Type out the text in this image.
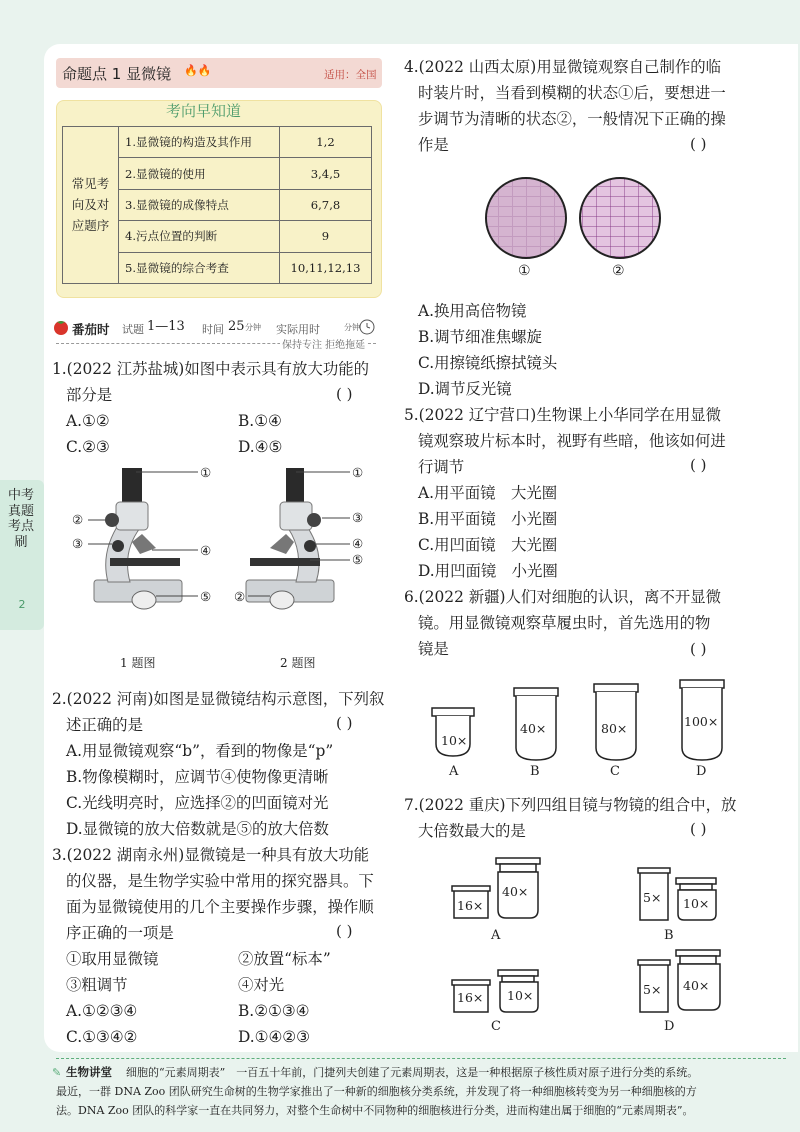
中考真题考点刷
2
命题点 1 显微镜 🔥🔥	适用：全国
考向早知道
常见考向及对应题序	1.显微镜的构造及其作用	1,2
	2.显微镜的使用	3,4,5
	3.显微镜的成像特点	6,7,8
	4.污点位置的判断	9
	5.显微镜的综合考查	10,11,12,13
番茄时 试题 1—13 时间 25 分钟 实际用时	分钟
保持专注 拒绝拖延
1.(2022 江苏盐城)如图中表示具有放大功能的
部分是	( )
A.①②	B.①④
C.②③	D.④⑤
①
②
③	④
⑤
①
③
④
⑤
②
1 题图	2 题图
2.(2022 河南)如图是显微镜结构示意图，下列叙
述正确的是	( )
A.用显微镜观察“b”，看到的物像是“p”
B.物像模糊时，应调节④使物像更清晰
C.光线明亮时，应选择②的凹面镜对光
D.显微镜的放大倍数就是⑤的放大倍数
3.(2022 湖南永州)显微镜是一种具有放大功能
的仪器，是生物学实验中常用的探究器具。下
面为显微镜使用的几个主要操作步骤，操作顺
序正确的一项是	( )
①取用显微镜	②放置“标本”
③粗调节	④对光
A.①②③④	B.②①③④
C.①③④②	D.①④②③
4.(2022 山西太原)用显微镜观察自己制作的临
时装片时，当看到模糊的状态①后，要想进一
步调节为清晰的状态②，一般情况下正确的操
作是	( )
①	②
A.换用高倍物镜
B.调节细准焦螺旋
C.用擦镜纸擦拭镜头
D.调节反光镜
5.(2022 辽宁营口)生物课上小华同学在用显微
镜观察玻片标本时，视野有些暗，他该如何进
行调节	( )
A.用平面镜　大光圈
B.用平面镜　小光圈
C.用凹面镜　大光圈
D.用凹面镜　小光圈
6.(2022 新疆)人们对细胞的认识，离不开显微
镜。用显微镜观察草履虫时，首先选用的物
镜是	( )
10×
40×	80×	100×
A	B	C	D
7.(2022 重庆)下列四组目镜与物镜的组合中，放
大倍数最大的是	( )
16×
40×
A
5× 10×
B
16× 10×
C
5× 40×
D
✎ 生物讲堂 细胞的“元素周期表”　一百五十年前，门捷列夫创建了元素周期表，这是一种根据原子核性质对原子进行分类的系统。
最近，一群 DNA Zoo 团队研究生命树的生物学家推出了一种新的细胞核分类系统，并发现了将一种细胞核转变为另一种细胞核的方
法。DNA Zoo 团队的科学家一直在共同努力，对整个生命树中不同物种的细胞核进行分类，进而构建出属于细胞的“元素周期表”。
